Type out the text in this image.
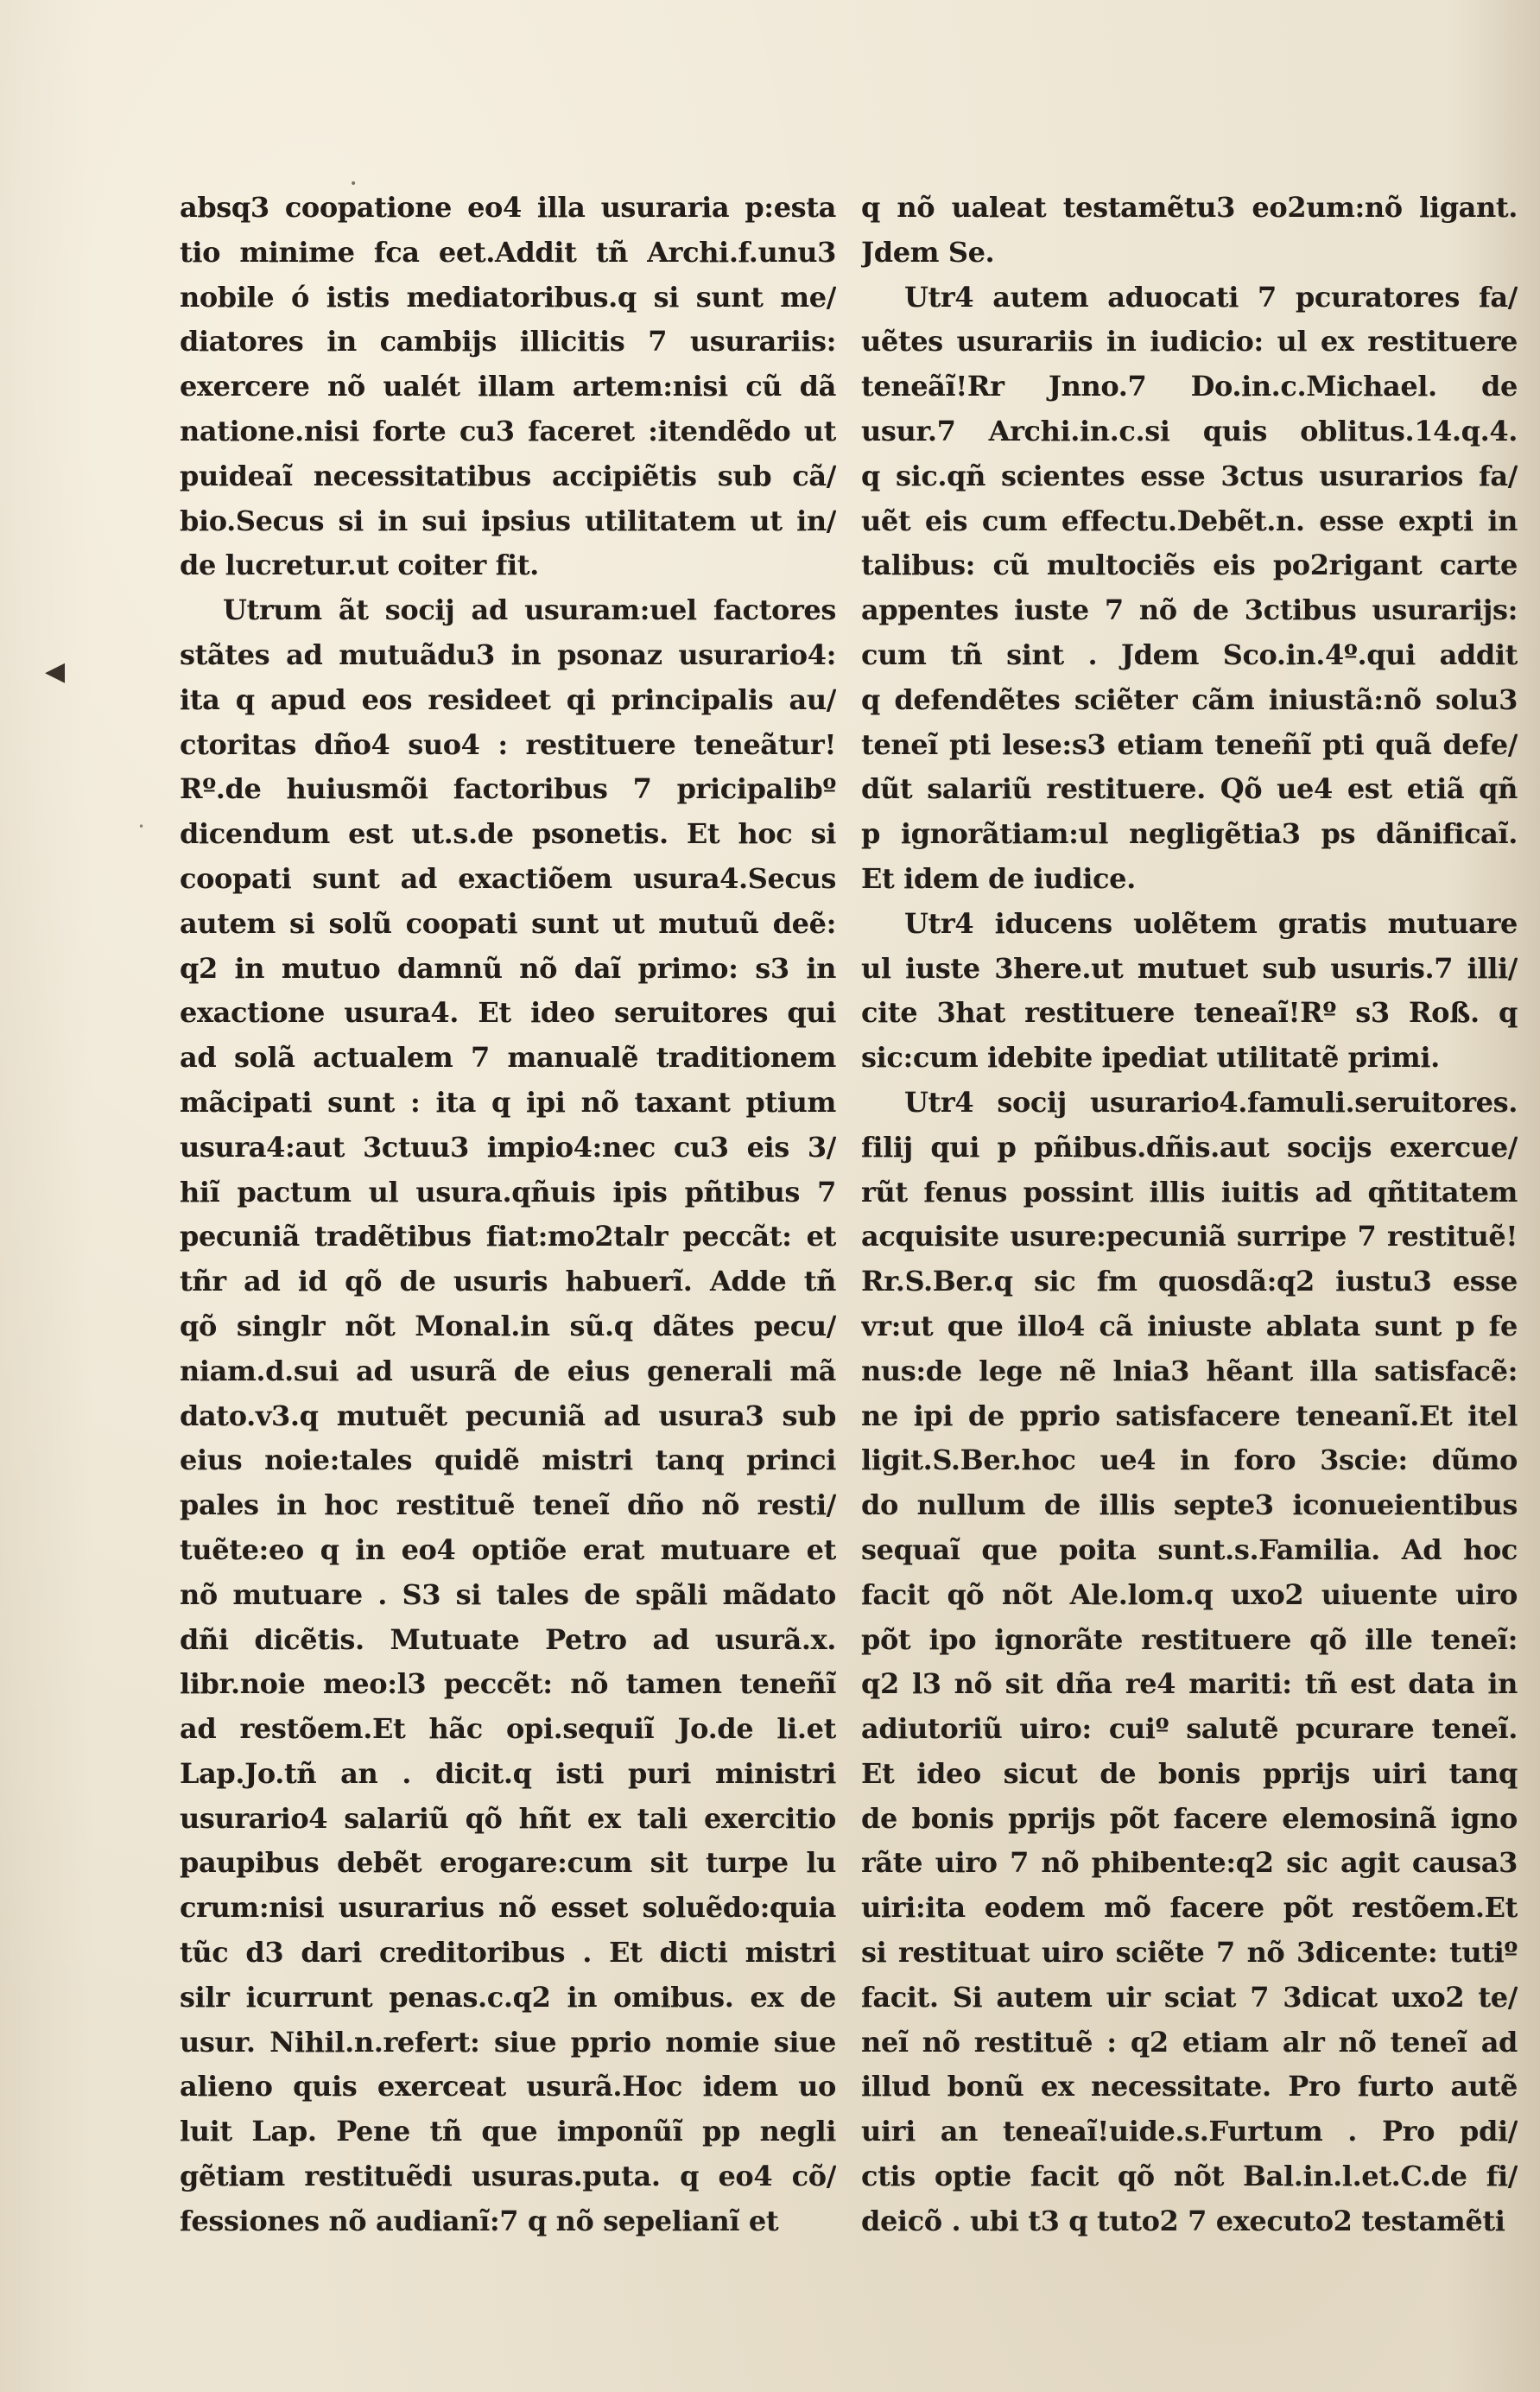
absq3 coopatione eo4 illa usuraria p:esta
tio minime fca eet.Addit tñ Archi.f.unu3
nobile ó istis mediatoribus.q si sunt me/
diatores in cambijs illicitis 7 usurariis:
exercere nõ ualét illam artem:nisi cũ dã
natione.nisi forte cu3 faceret :itendẽdo ut
puideaĩ necessitatibus accipiẽtis sub cã/
bio.Secus si in sui ipsius utilitatem ut in/
de lucretur.ut coiter fit.
Utrum ãt socij ad usuram:uel factores
stãtes ad mutuãdu3 in psonaz usurario4:
ita q apud eos resideet qi principalis au/
ctoritas dño4 suo4 : restituere teneãtur!
Rº.de huiusmõi factoribus 7 pricipalibº
dicendum est ut.s.de psonetis. Et hoc si
coopati sunt ad exactiõem usura4.Secus
autem si solũ coopati sunt ut mutuũ deẽ:
q2 in mutuo damnũ nõ daĩ primo: s3 in
exactione usura4. Et ideo seruitores qui
ad solã actualem 7 manualẽ traditionem
mãcipati sunt : ita q ipi nõ taxant ptium
usura4:aut 3ctuu3 impio4:nec cu3 eis 3/
hiĩ pactum ul usura.qñuis ipis pñtibus 7
pecuniã tradẽtibus fiat:mo2talr peccãt: et
tñr ad id qõ de usuris habuerĩ. Adde tñ
qõ singlr nõt Monal.in sũ.q dãtes pecu/
niam.d.sui ad usurã de eius generali mã
dato.v3.q mutuẽt pecuniã ad usura3 sub
eius noie:tales quidẽ mistri tanq princi
pales in hoc restituẽ teneĩ dño nõ resti/
tuẽte:eo q in eo4 optiõe erat mutuare et
nõ mutuare . S3 si tales de spãli mãdato
dñi dicẽtis. Mutuate Petro ad usurã.x.
libr.noie meo:l3 peccẽt: nõ tamen teneñĩ
ad restõem.Et hãc opi.sequiĩ Jo.de li.et
Lap.Jo.tñ an . dicit.q isti puri ministri
usurario4 salariũ qõ hñt ex tali exercitio
paupibus debẽt erogare:cum sit turpe lu
crum:nisi usurarius nõ esset soluẽdo:quia
tũc d3 dari creditoribus . Et dicti mistri
silr icurrunt penas.c.q2 in omibus. ex de
usur. Nihil.n.refert: siue pprio nomie siue
alieno quis exerceat usurã.Hoc idem uo
luit Lap. Pene tñ que imponũĩ pp negli
gẽtiam restituẽdi usuras.puta. q eo4 cõ/
fessiones nõ audianĩ:7 q nõ sepelianĩ et
q nõ ualeat testamẽtu3 eo2um:nõ ligant.
Jdem Se.
Utr4 autem aduocati 7 pcuratores fa/
uẽtes usurariis in iudicio: ul ex restituere
teneãĩ!Rr Jnno.7 Do.in.c.Michael. de
usur.7 Archi.in.c.si quis oblitus.14.q.4.
q sic.qñ scientes esse 3ctus usurarios fa/
uẽt eis cum effectu.Debẽt.n. esse expti in
talibus: cũ multociẽs eis po2rigant carte
appentes iuste 7 nõ de 3ctibus usurarijs:
cum tñ sint . Jdem Sco.in.4º.qui addit
q defendẽtes sciẽter cãm iniustã:nõ solu3
teneĩ pti lese:s3 etiam teneñĩ pti quã defe/
dũt salariũ restituere. Qõ ue4 est etiã qñ
p ignorãtiam:ul negligẽtia3 ps dãnificaĩ.
Et idem de iudice.
Utr4 iducens uolẽtem gratis mutuare
ul iuste 3here.ut mutuet sub usuris.7 illi/
cite 3hat restituere teneaĩ!Rº s3 Roß. q
sic:cum idebite ipediat utilitatẽ primi.
Utr4 socij usurario4.famuli.seruitores.
filij qui p pñibus.dñis.aut socijs exercue/
rũt fenus possint illis iuitis ad qñtitatem
acquisite usure:pecuniã surripe 7 restituẽ!
Rr.S.Ber.q sic fm quosdã:q2 iustu3 esse
vr:ut que illo4 cã iniuste ablata sunt p fe
nus:de lege nẽ lnia3 hẽant illa satisfacẽ:
ne ipi de pprio satisfacere teneanĩ.Et itel
ligit.S.Ber.hoc ue4 in foro 3scie: dũmo
do nullum de illis septe3 iconueientibus
sequaĩ que poita sunt.s.Familia. Ad hoc
facit qõ nõt Ale.lom.q uxo2 uiuente uiro
põt ipo ignorãte restituere qõ ille teneĩ:
q2 l3 nõ sit dña re4 mariti: tñ est data in
adiutoriũ uiro: cuiº salutẽ pcurare teneĩ.
Et ideo sicut de bonis pprijs uiri tanq
de bonis pprijs põt facere elemosinã igno
rãte uiro 7 nõ phibente:q2 sic agit causa3
uiri:ita eodem mõ facere põt restõem.Et
si restituat uiro sciẽte 7 nõ 3dicente: tutiº
facit. Si autem uir sciat 7 3dicat uxo2 te/
neĩ nõ restituẽ : q2 etiam alr nõ teneĩ ad
illud bonũ ex necessitate. Pro furto autẽ
uiri an teneaĩ!uide.s.Furtum . Pro pdi/
ctis optie facit qõ nõt Bal.in.l.et.C.de fi/
deicõ . ubi t3 q tuto2 7 executo2 testamẽti
◀
•
•
